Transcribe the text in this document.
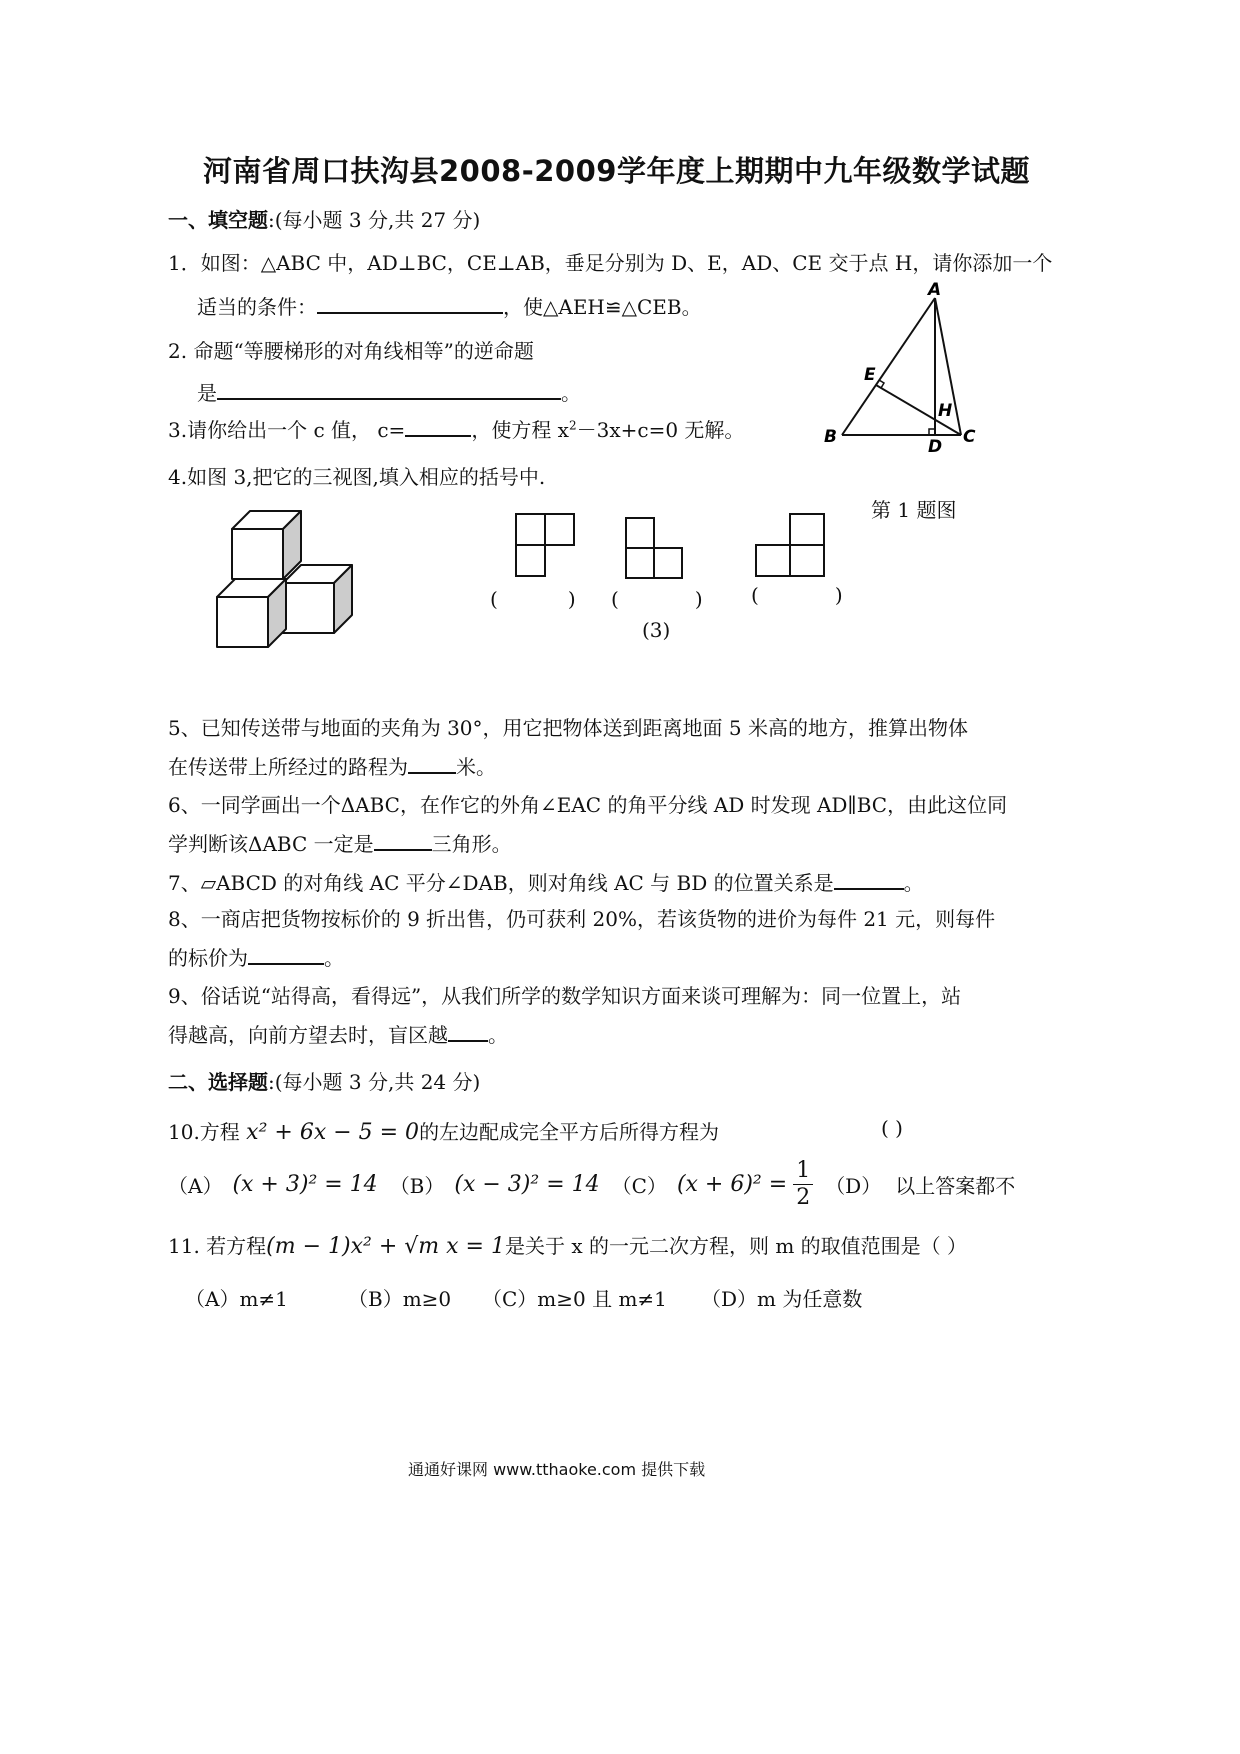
河南省周口扶沟县2008-2009学年度上期期中九年级数学试题
一、填空题:(每小题 3 分,共 27 分)
1．如图：△ABC 中，AD⊥BC，CE⊥AB，垂足分别为 D、E，AD、CE 交于点 H，请你添加一个
适当的条件：	，使△AEH≌△CEB。
A
B	C
D
E
H
2. 命题“等腰梯形的对角线相等”的逆命题
是	。
3.请你给出一个 c 值， c=	，使方程 $x^2-3x+c=0$ 无解。
4.如图 3,把它的三视图,填入相应的括号中.
第 1 题图
(	) (	) (	)
(3)
5、已知传送带与地面的夹角为 30°，用它把物体送到距离地面 5 米高的地方，推算出物体
在传送带上所经过的路程为 米。
6、一同学画出一个ΔABC，在作它的外角∠EAC 的角平分线 AD 时发现 AD∥BC，由此这位同
学判断该ΔABC 一定是	三角形。
7、▱ABCD 的对角线 AC 平分∠DAB，则对角线 AC 与 BD 的位置关系是	。
8、一商店把货物按标价的 9 折出售，仍可获利 20%，若该货物的进价为每件 21 元，则每件
的标价为	。
9、俗话说“站得高，看得远”，从我们所学的数学知识方面来谈可理解为：同一位置上，站
得越高，向前方望去时，盲区越 。
二、选择题:(每小题 3 分,共 24 分)
10.方程 x² + 6x − 5 = 0的左边配成完全平方后所得方程为	( )
（A） (x + 3)² = 14 （B） (x − 3)² = 14 （C） $(x + 6)^2 = \frac{1}{2} (D)$ 以上答案都不
11. 若方程(m − 1)x² + √m x = 1是关于 x 的一元二次方程，则 m 的取值范围是（ ）
（A）m≠1	（B）m≥0 （C）m≥0 且 m≠1 （D）m 为任意数
通通好课网 www.tthaoke.com 提供下载
